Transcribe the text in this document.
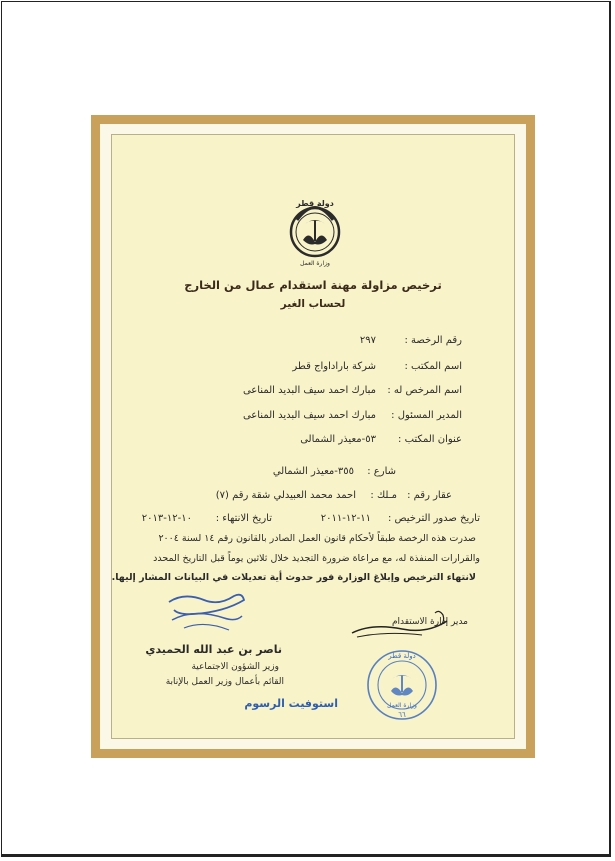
دولة قطر
وزارة العمل
ترخيص مزاولة مهنة استقدام عمال من الخارج
لحساب الغير
رقم الرخصة :
٢٩٧
اسم المكتب :
شركة باراداواج قطر
اسم المرخص له :
مبارك احمد سيف البديد المناعى
المدير المسئول :
مبارك احمد سيف البديد المناعى
عنوان المكتب :
٥٣-معيذر الشمالى
شارع :
٣٥٥-معيذر الشمالي
عقار رقم :
مـلك :
احمد محمد العبيدلي شقة رقم (٧)
تاريخ صدور الترخيص :
١١-١٢-٢٠١١
تاريخ الانتهاء :
١٠-١٢-٢٠١٣
صدرت هذه الرخصة طبقاً لأحكام قانون العمل الصادر بالقانون رقم ١٤ لسنة ٢٠٠٤
والقرارات المنفذة له، مع مراعاة ضرورة التجديد خلال ثلاثين يوماً قبل التاريخ المحدد
لانتهاء الترخيص وإبلاغ الوزارة فور حدوث أية تعديلات في البيانات المشار إليها.
مدير إدارة الاستقدام
ناصر بن عبد الله الحميدي
وزير الشؤون الاجتماعية
القائم بأعمال وزير العمل بالإنابة
استوفيت الرسوم
دولة قطر
وزارة العمل
٦٦
